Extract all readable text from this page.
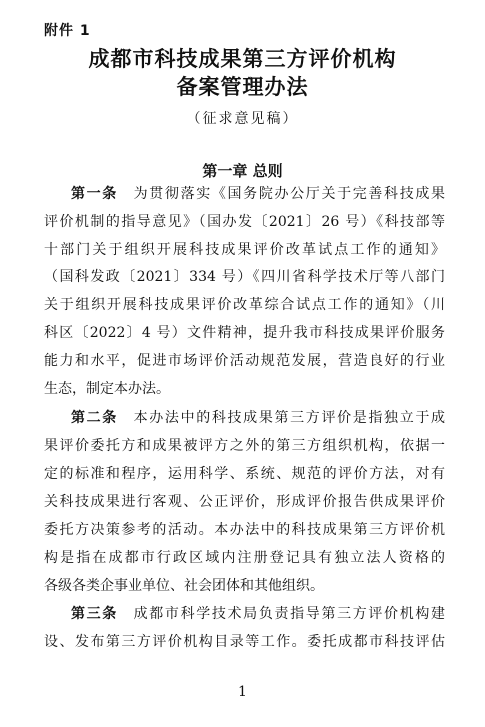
附件 1
成都市科技成果第三方评价机构
备案管理办法
（征求意见稿）
第一章 总则
第一条  为贯彻落实《国务院办公厅关于完善科技成果
评价机制的指导意见》（国办发〔2021〕26 号）《科技部等
十部门关于组织开展科技成果评价改革试点工作的通知》
（国科发政〔2021〕334 号）《四川省科学技术厅等八部门
关于组织开展科技成果评价改革综合试点工作的通知》（川
科区〔2022〕4 号）文件精神，提升我市科技成果评价服务
能力和水平，促进市场评价活动规范发展，营造良好的行业
生态，制定本办法。
第二条  本办法中的科技成果第三方评价是指独立于成
果评价委托方和成果被评方之外的第三方组织机构，依据一
定的标准和程序，运用科学、系统、规范的评价方法，对有
关科技成果进行客观、公正评价，形成评价报告供成果评价
委托方决策参考的活动。本办法中的科技成果第三方评价机
构是指在成都市行政区域内注册登记具有独立法人资格的
各级各类企事业单位、社会团体和其他组织。
第三条  成都市科学技术局负责指导第三方评价机构建
设、发布第三方评价机构目录等工作。委托成都市科技评估
1
